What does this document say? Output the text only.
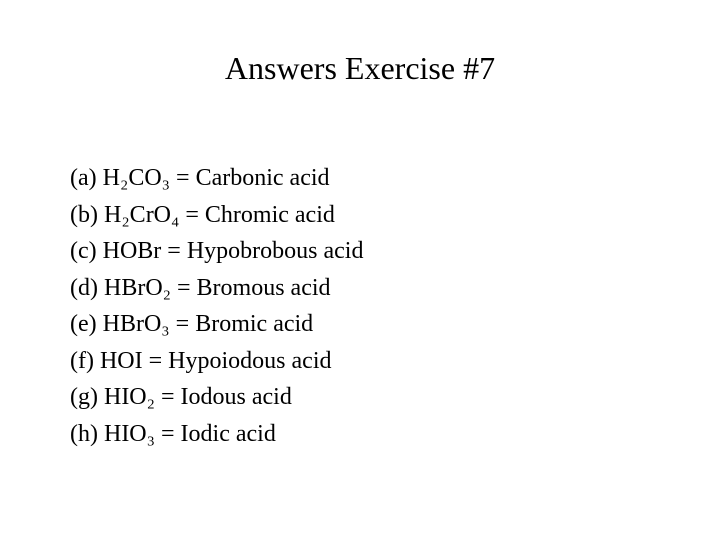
Answers Exercise #7
(a) H₂CO₃ = Carbonic acid
(b) H₂CrO₄ = Chromic acid
(c) HOBr = Hypobrobous acid
(d) HBrO₂ = Bromous acid
(e) HBrO₃ = Bromic acid
(f) HOI = Hypoiodous acid
(g) HIO₂ = Iodous acid
(h) HIO₃ = Iodic acid
